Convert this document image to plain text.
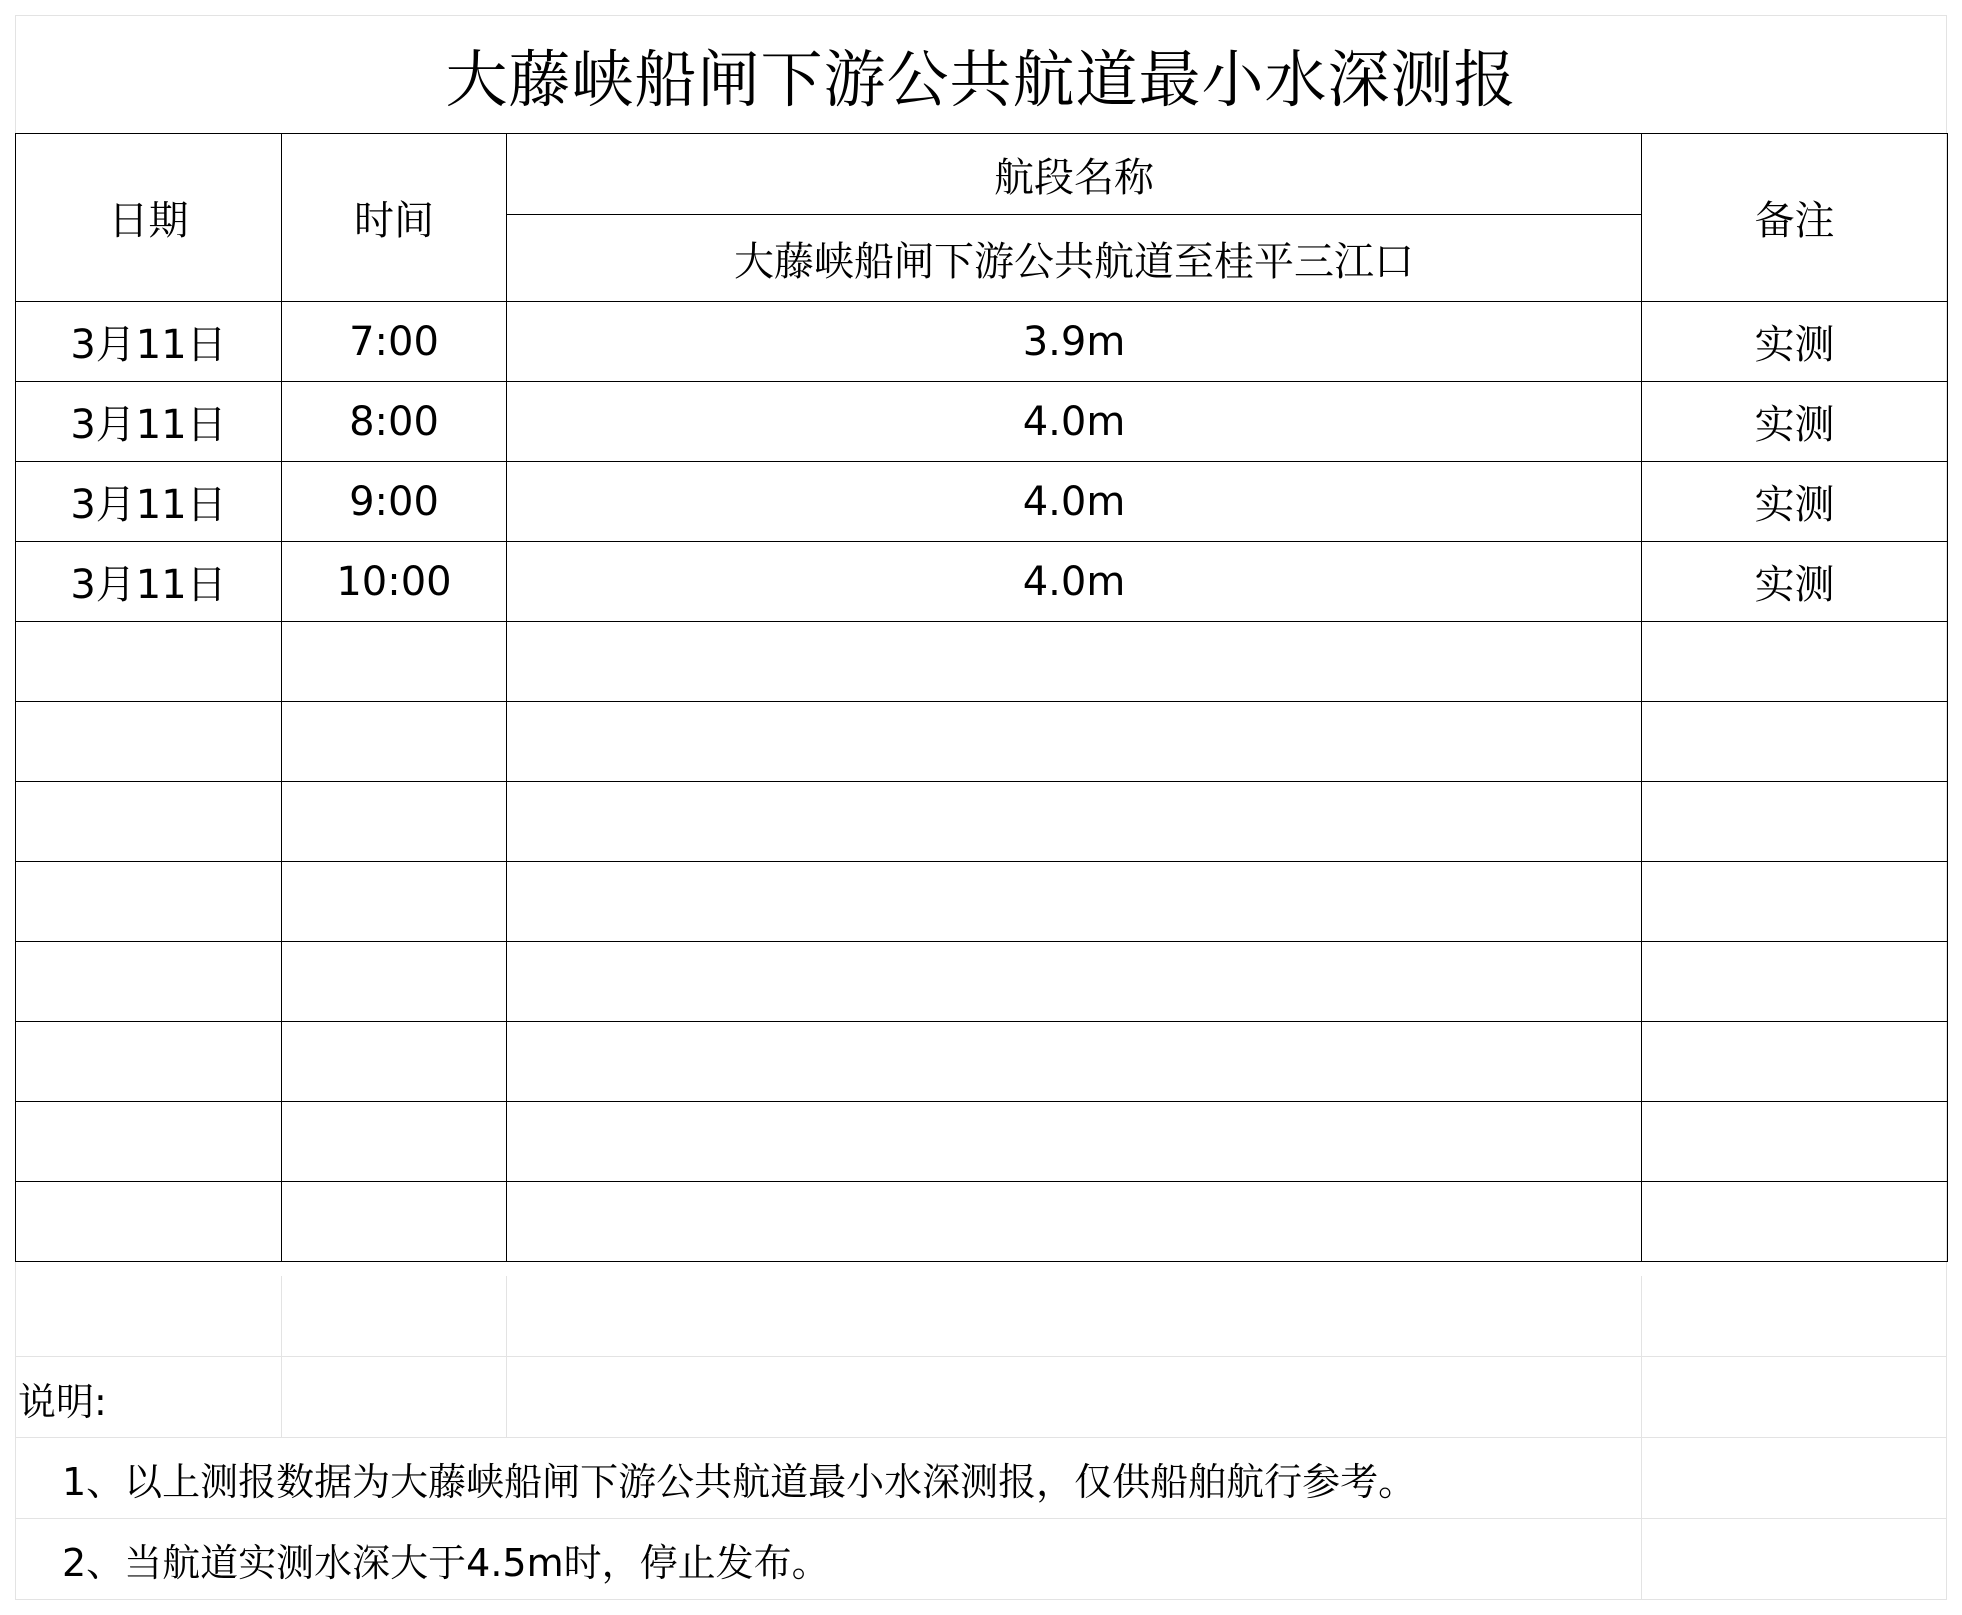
大藤峡船闸下游公共航道最小水深测报
日期	时间	航段名称	备注
		大藤峡船闸下游公共航道至桂平三江口	
3月11日	7:00	3.9m	实测
3月11日	8:00	4.0m	实测
3月11日	9:00	4.0m	实测
3月11日	10:00	4.0m	实测

说明:
1、以上测报数据为大藤峡船闸下游公共航道最小水深测报，仅供船舶航行参考。
2、当航道实测水深大于4.5m时，停止发布。
